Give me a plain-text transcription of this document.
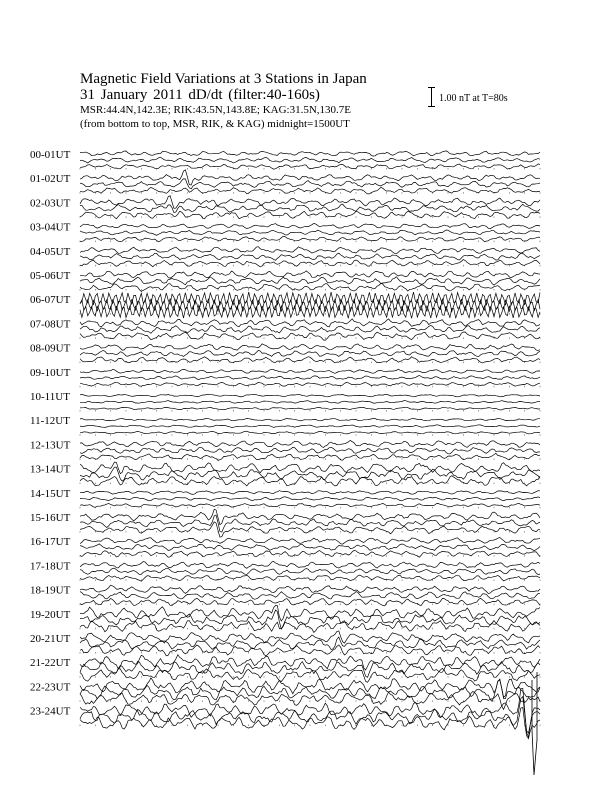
Magnetic Field Variations at 3 Stations in Japan
31 January 2011 dD/dt (filter:40-160s)
MSR:44.4N,142.3E; RIK:43.5N,143.8E; KAG:31.5N,130.7E
(from bottom to top, MSR, RIK, & KAG) midnight=1500UT
1.00 nT at T=80s
00-01UT
01-02UT
02-03UT
03-04UT
04-05UT
05-06UT
06-07UT
07-08UT
08-09UT
09-10UT
10-11UT
11-12UT
12-13UT
13-14UT
14-15UT
15-16UT
16-17UT
17-18UT
18-19UT
19-20UT
20-21UT
21-22UT
22-23UT
23-24UT
